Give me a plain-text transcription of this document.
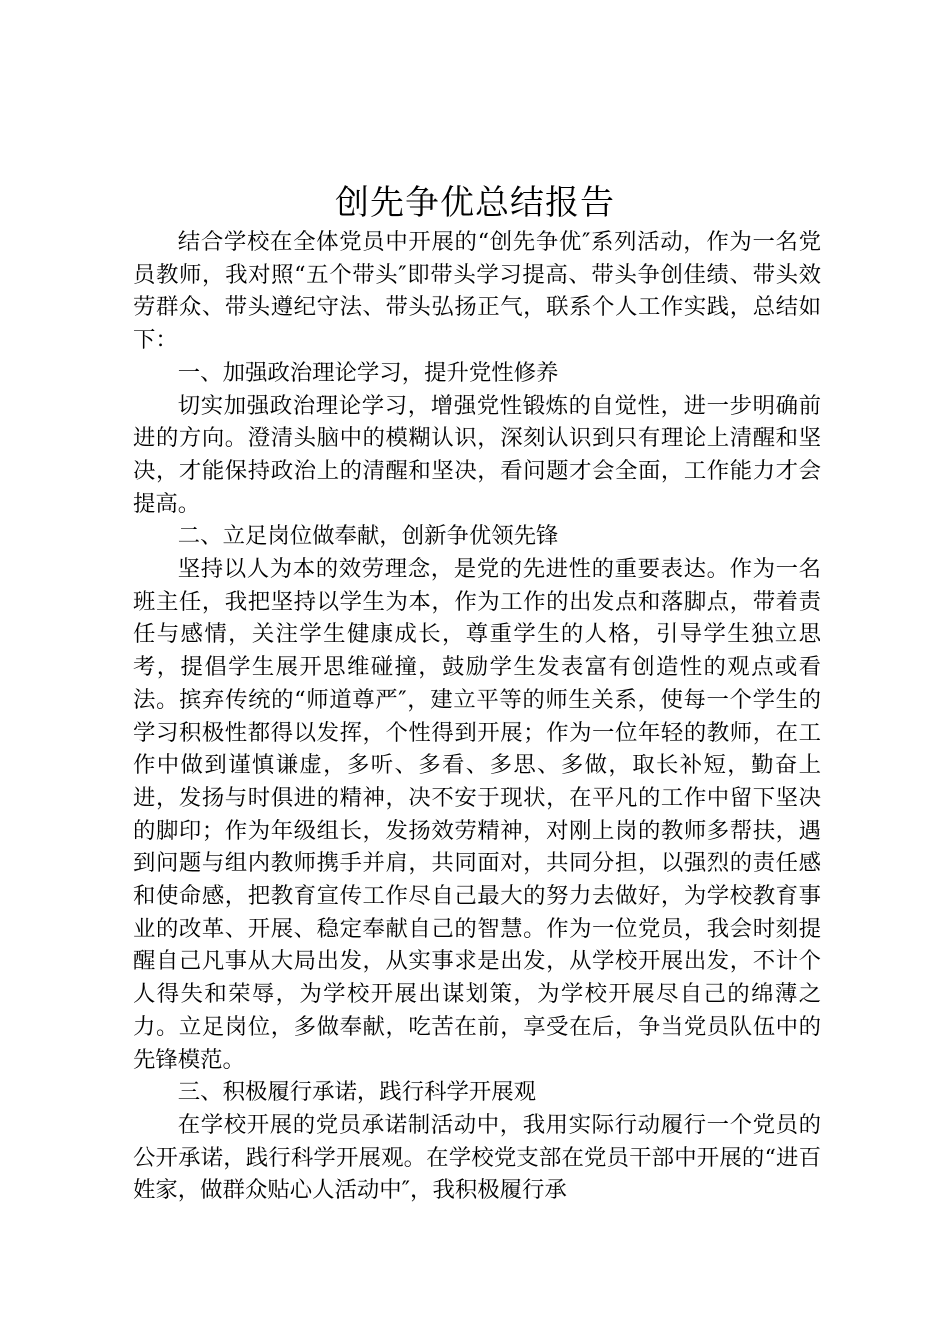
创先争优总结报告

结合学校在全体党员中开展的“创先争优″系列活动，作为一名党员教师，我对照“五个带头″即带头学习提高、带头争创佳绩、带头效劳群众、带头遵纪守法、带头弘扬正气，联系个人工作实践，总结如下：

一、加强政治理论学习，提升党性修养

切实加强政治理论学习，增强党性锻炼的自觉性，进一步明确前进的方向。澄清头脑中的模糊认识，深刻认识到只有理论上清醒和坚决，才能保持政治上的清醒和坚决，看问题才会全面，工作能力才会提高。

二、立足岗位做奉献，创新争优领先锋

坚持以人为本的效劳理念，是党的先进性的重要表达。作为一名班主任，我把坚持以学生为本，作为工作的出发点和落脚点，带着责任与感情，关注学生健康成长，尊重学生的人格，引导学生独立思考，提倡学生展开思维碰撞，鼓励学生发表富有创造性的观点或看法。摈弃传统的“师道尊严″，建立平等的师生关系，使每一个学生的学习积极性都得以发挥，个性得到开展；作为一位年轻的教师，在工作中做到谨慎谦虚，多听、多看、多思、多做，取长补短，勤奋上进，发扬与时俱进的精神，决不安于现状，在平凡的工作中留下坚决的脚印；作为年级组长，发扬效劳精神，对刚上岗的教师多帮扶，遇到问题与组内教师携手并肩，共同面对，共同分担，以强烈的责任感和使命感，把教育宣传工作尽自己最大的努力去做好，为学校教育事业的改革、开展、稳定奉献自己的智慧。作为一位党员，我会时刻提醒自己凡事从大局出发，从实事求是出发，从学校开展出发，不计个人得失和荣辱，为学校开展出谋划策，为学校开展尽自己的绵薄之力。立足岗位，多做奉献，吃苦在前，享受在后，争当党员队伍中的先锋模范。

三、积极履行承诺，践行科学开展观

在学校开展的党员承诺制活动中，我用实际行动履行一个党员的公开承诺，践行科学开展观。在学校党支部在党员干部中开展的“进百姓家，做群众贴心人活动中″，我积极履行承
